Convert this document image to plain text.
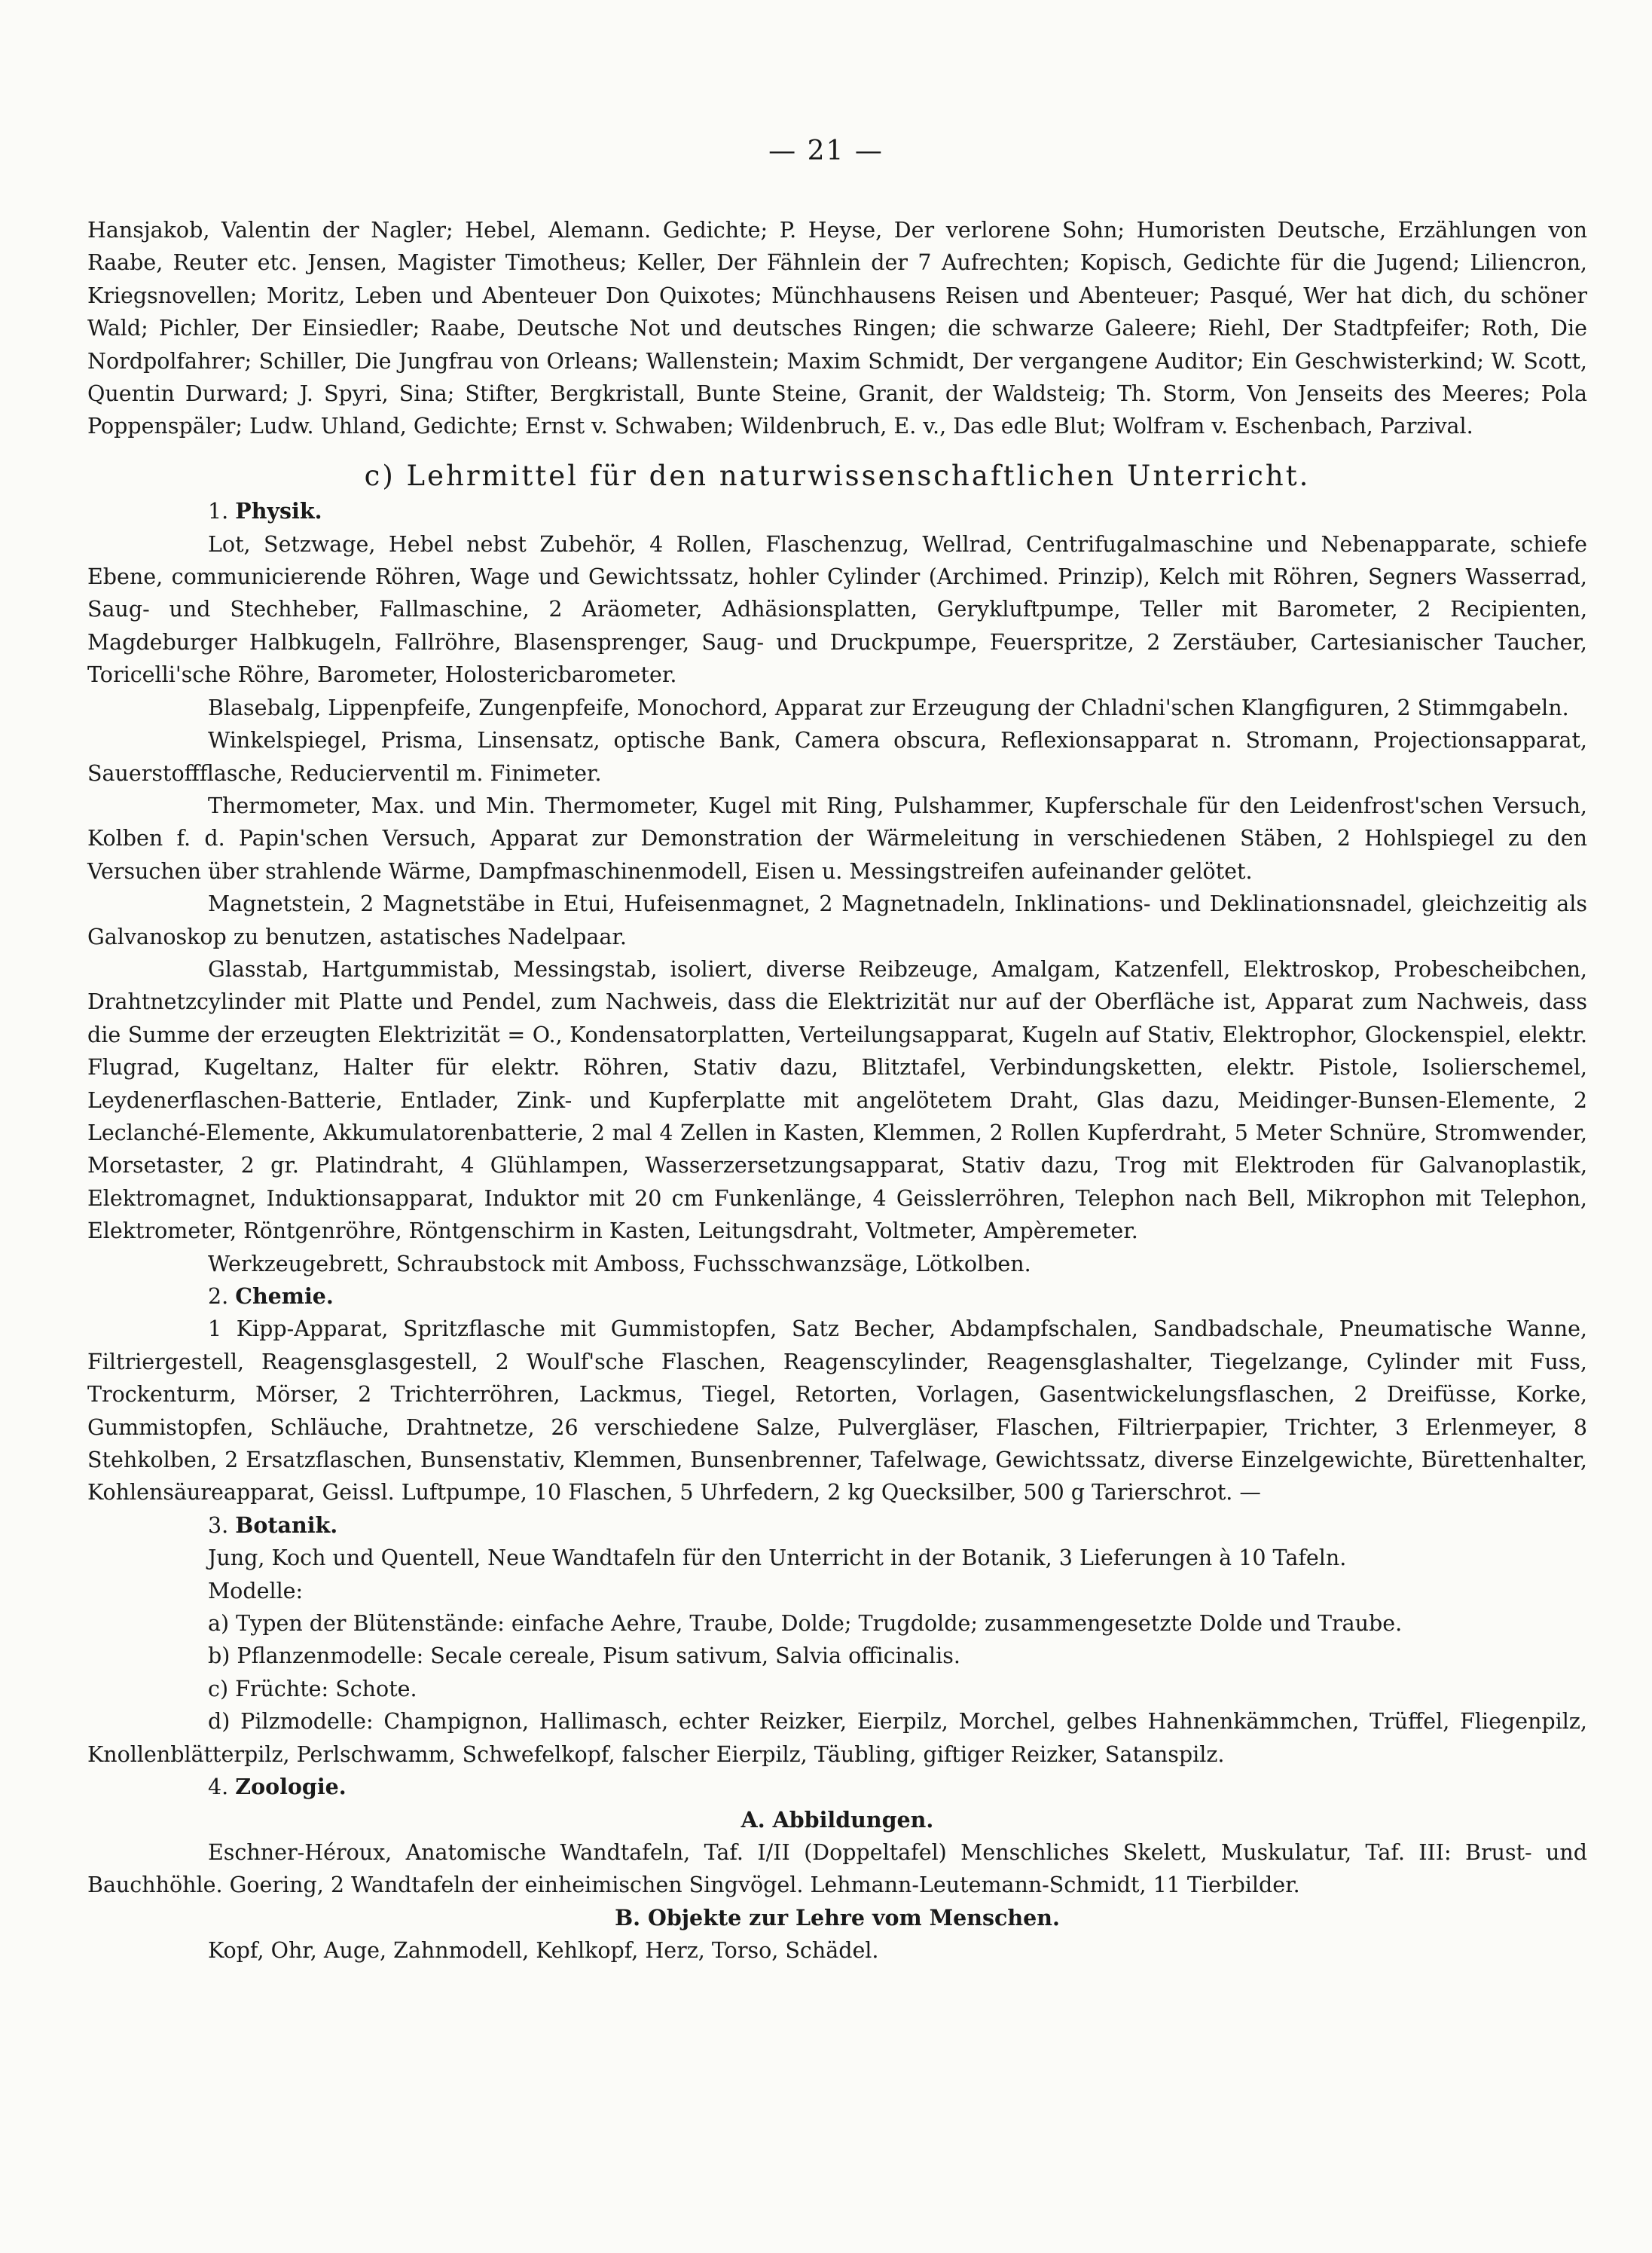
— 21 —

Hansjakob, Valentin der Nagler; Hebel, Alemann. Gedichte; P. Heyse, Der verlorene Sohn; Humoristen Deutsche, Erzählungen von Raabe, Reuter etc. Jensen, Magister Timotheus; Keller, Der Fähnlein der 7 Aufrechten; Kopisch, Gedichte für die Jugend; Liliencron, Kriegsnovellen; Moritz, Leben und Abenteuer Don Quixotes; Münchhausens Reisen und Abenteuer; Pasqué, Wer hat dich, du schöner Wald; Pichler, Der Einsiedler; Raabe, Deutsche Not und deutsches Ringen; die schwarze Galeere; Riehl, Der Stadtpfeifer; Roth, Die Nordpolfahrer; Schiller, Die Jungfrau von Orleans; Wallenstein; Maxim Schmidt, Der vergangene Auditor; Ein Geschwisterkind; W. Scott, Quentin Durward; J. Spyri, Sina; Stifter, Bergkristall, Bunte Steine, Granit, der Waldsteig; Th. Storm, Von Jenseits des Meeres; Pola Poppenspäler; Ludw. Uhland, Gedichte; Ernst v. Schwaben; Wildenbruch, E. v., Das edle Blut; Wolfram v. Eschenbach, Parzival.

c) Lehrmittel für den naturwissenschaftlichen Unterricht.

1. Physik.

Lot, Setzwage, Hebel nebst Zubehör, 4 Rollen, Flaschenzug, Wellrad, Centrifugalmaschine und Nebenapparate, schiefe Ebene, communicierende Röhren, Wage und Gewichtssatz, hohler Cylinder (Archimed. Prinzip), Kelch mit Röhren, Segners Wasserrad, Saug- und Stechheber, Fallmaschine, 2 Aräometer, Adhäsionsplatten, Gerykluftpumpe, Teller mit Barometer, 2 Recipienten, Magdeburger Halbkugeln, Fallröhre, Blasensprenger, Saug- und Druckpumpe, Feuerspritze, 2 Zerstäuber, Cartesianischer Taucher, Toricelli'sche Röhre, Barometer, Holostericbarometer.

Blasebalg, Lippenpfeife, Zungenpfeife, Monochord, Apparat zur Erzeugung der Chladni'schen Klangfiguren, 2 Stimmgabeln.

Winkelspiegel, Prisma, Linsensatz, optische Bank, Camera obscura, Reflexionsapparat n. Stromann, Projectionsapparat, Sauerstoffflasche, Reducierventil m. Finimeter.

Thermometer, Max. und Min. Thermometer, Kugel mit Ring, Pulshammer, Kupferschale für den Leidenfrost'schen Versuch, Kolben f. d. Papin'schen Versuch, Apparat zur Demonstration der Wärmeleitung in verschiedenen Stäben, 2 Hohlspiegel zu den Versuchen über strahlende Wärme, Dampfmaschinenmodell, Eisen u. Messingstreifen aufeinander gelötet.

Magnetstein, 2 Magnetstäbe in Etui, Hufeisenmagnet, 2 Magnetnadeln, Inklinations- und Deklinationsnadel, gleichzeitig als Galvanoskop zu benutzen, astatisches Nadelpaar.

Glasstab, Hartgummistab, Messingstab, isoliert, diverse Reibzeuge, Amalgam, Katzenfell, Elektroskop, Probescheibchen, Drahtnetzcylinder mit Platte und Pendel, zum Nachweis, dass die Elektrizität nur auf der Oberfläche ist, Apparat zum Nachweis, dass die Summe der erzeugten Elektrizität = O., Kondensatorplatten, Verteilungsapparat, Kugeln auf Stativ, Elektrophor, Glockenspiel, elektr. Flugrad, Kugeltanz, Halter für elektr. Röhren, Stativ dazu, Blitztafel, Verbindungsketten, elektr. Pistole, Isolierschemel, Leydenerflaschen-Batterie, Entlader, Zink- und Kupferplatte mit angelötetem Draht, Glas dazu, Meidinger-Bunsen-Elemente, 2 Leclanché-Elemente, Akkumulatorenbatterie, 2 mal 4 Zellen in Kasten, Klemmen, 2 Rollen Kupferdraht, 5 Meter Schnüre, Stromwender, Morsetaster, 2 gr. Platindraht, 4 Glühlampen, Wasserzersetzungsapparat, Stativ dazu, Trog mit Elektroden für Galvanoplastik, Elektromagnet, Induktionsapparat, Induktor mit 20 cm Funkenlänge, 4 Geisslerröhren, Telephon nach Bell, Mikrophon mit Telephon, Elektrometer, Röntgenröhre, Röntgenschirm in Kasten, Leitungsdraht, Voltmeter, Ampèremeter.

Werkzeugebrett, Schraubstock mit Amboss, Fuchsschwanzsäge, Lötkolben.

2. Chemie.

1 Kipp-Apparat, Spritzflasche mit Gummistopfen, Satz Becher, Abdampfschalen, Sandbadschale, Pneumatische Wanne, Filtriergestell, Reagensglasgestell, 2 Woulf'sche Flaschen, Reagenscylinder, Reagensglashalter, Tiegelzange, Cylinder mit Fuss, Trockenturm, Mörser, 2 Trichterröhren, Lackmus, Tiegel, Retorten, Vorlagen, Gasentwickelungsflaschen, 2 Dreifüsse, Korke, Gummistopfen, Schläuche, Drahtnetze, 26 verschiedene Salze, Pulvergläser, Flaschen, Filtrierpapier, Trichter, 3 Erlenmeyer, 8 Stehkolben, 2 Ersatzflaschen, Bunsenstativ, Klemmen, Bunsenbrenner, Tafelwage, Gewichtssatz, diverse Einzelgewichte, Bürettenhalter, Kohlensäureapparat, Geissl. Luftpumpe, 10 Flaschen, 5 Uhrfedern, 2 kg Quecksilber, 500 g Tarierschrot. —

3. Botanik.

Jung, Koch und Quentell, Neue Wandtafeln für den Unterricht in der Botanik, 3 Lieferungen à 10 Tafeln.

Modelle:

a) Typen der Blütenstände: einfache Aehre, Traube, Dolde; Trugdolde; zusammengesetzte Dolde und Traube.

b) Pflanzenmodelle: Secale cereale, Pisum sativum, Salvia officinalis.

c) Früchte: Schote.

d) Pilzmodelle: Champignon, Hallimasch, echter Reizker, Eierpilz, Morchel, gelbes Hahnenkämmchen, Trüffel, Fliegenpilz, Knollenblätterpilz, Perlschwamm, Schwefelkopf, falscher Eierpilz, Täubling, giftiger Reizker, Satanspilz.

4. Zoologie.

A. Abbildungen.

Eschner-Héroux, Anatomische Wandtafeln, Taf. I/II (Doppeltafel) Menschliches Skelett, Muskulatur, Taf. III: Brust- und Bauchhöhle. Goering, 2 Wandtafeln der einheimischen Singvögel. Lehmann-Leutemann-Schmidt, 11 Tierbilder.

B. Objekte zur Lehre vom Menschen.

Kopf, Ohr, Auge, Zahnmodell, Kehlkopf, Herz, Torso, Schädel.
